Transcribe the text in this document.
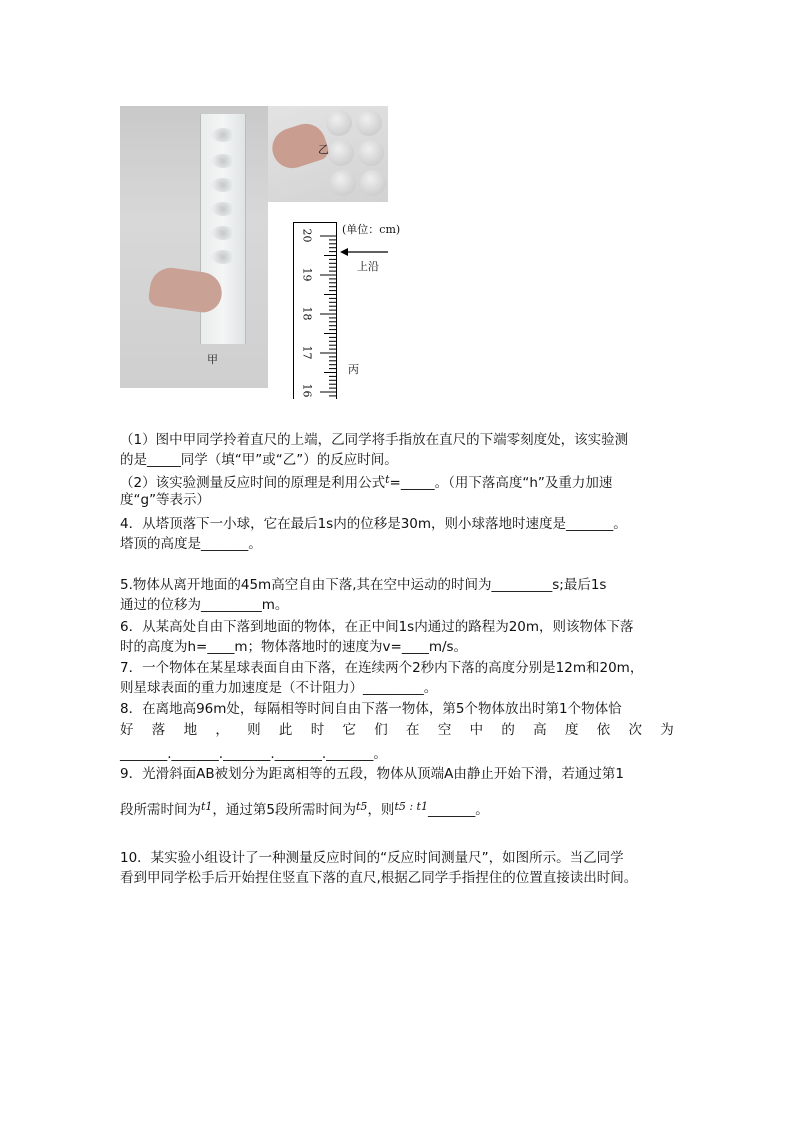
乙
甲
20
19
18
17
16
(单位：cm)
上沿
丙
（1）图中甲同学拎着直尺的上端，乙同学将手指放在直尺的下端零刻度处，该实验测
的是_____同学（填“甲”或“乙”）的反应时间。
（2）该实验测量反应时间的原理是利用公式$^t$=_____。（用下落高度“h”及重力加速
度“g”等表示）
4．从塔顶落下一小球，它在最后1s内的位移是30m，则小球落地时速度是_______。
塔顶的高度是_______。
5.物体从离开地面的45m高空自由下落,其在空中运动的时间为_________s;最后1s
通过的位移为_________m。
6．从某高处自由下落到地面的物体，在正中间1s内通过的路程为20m，则该物体下落
时的高度为h=____m；物体落地时的速度为v=____m/s。
7．一个物体在某星球表面自由下落，在连续两个2秒内下落的高度分别是12m和20m，
则星球表面的重力加速度是（不计阻力）_________。
8．在离地高96m处，每隔相等时间自由下落一物体，第5个物体放出时第1个物体恰
好 落 地 ， 则 此 时 它 们 在 空 中 的 高 度 依 次 为
_______._______._______._______._______。
9．光滑斜面AB被划分为距离相等的五段，物体从顶端A由静止开始下滑，若通过第1
段所需时间为$^{t1}$，通过第5段所需时间为$^{t5}$，则$^{t5 : t1}$_______。
10．某实验小组设计了一种测量反应时间的“反应时间测量尺”，如图所示。当乙同学
看到甲同学松手后开始捏住竖直下落的直尺,根据乙同学手指捏住的位置直接读出时间。
